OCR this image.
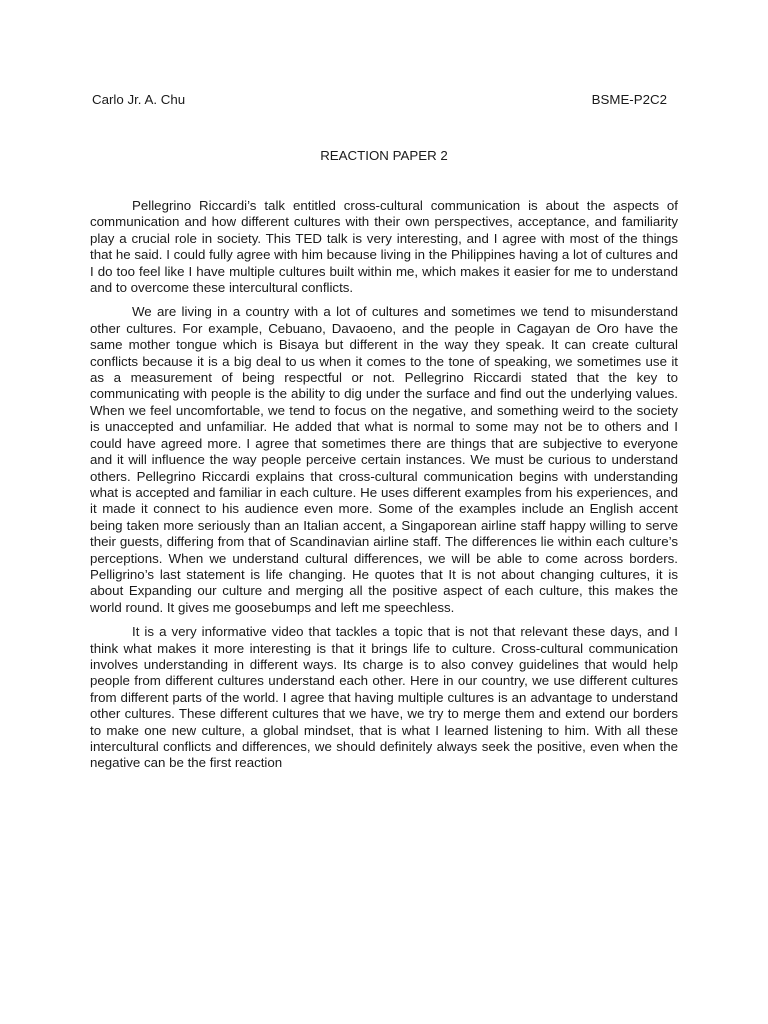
Carlo Jr. A. Chu	BSME-P2C2
REACTION PAPER 2

Pellegrino Riccardi’s talk entitled cross-cultural communication is about the aspects of communication and how different cultures with their own perspectives, acceptance, and familiarity play a crucial role in society. This TED talk is very interesting, and I agree with most of the things that he said. I could fully agree with him because living in the Philippines having a lot of cultures and I do too feel like I have multiple cultures built within me, which makes it easier for me to understand and to overcome these intercultural conflicts.

We are living in a country with a lot of cultures and sometimes we tend to misunderstand other cultures. For example, Cebuano, Davaoeno, and the people in Cagayan de Oro have the same mother tongue which is Bisaya but different in the way they speak. It can create cultural conflicts because it is a big deal to us when it comes to the tone of speaking, we sometimes use it as a measurement of being respectful or not. Pellegrino Riccardi stated that the key to communicating with people is the ability to dig under the surface and find out the underlying values. When we feel uncomfortable, we tend to focus on the negative, and something weird to the society is unaccepted and unfamiliar. He added that what is normal to some may not be to others and I could have agreed more. I agree that sometimes there are things that are subjective to everyone and it will influence the way people perceive certain instances. We must be curious to understand others. Pellegrino Riccardi explains that cross-cultural communication begins with understanding what is accepted and familiar in each culture. He uses different examples from his experiences, and it made it connect to his audience even more. Some of the examples include an English accent being taken more seriously than an Italian accent, a Singaporean airline staff happy willing to serve their guests, differing from that of Scandinavian airline staff. The differences lie within each culture’s perceptions. When we understand cultural differences, we will be able to come across borders. Pelligrino’s last statement is life changing. He quotes that It is not about changing cultures, it is about Expanding our culture and merging all the positive aspect of each culture, this makes the world round. It gives me goosebumps and left me speechless.

It is a very informative video that tackles a topic that is not that relevant these days, and I think what makes it more interesting is that it brings life to culture. Cross-cultural communication involves understanding in different ways. Its charge is to also convey guidelines that would help people from different cultures understand each other. Here in our country, we use different cultures from different parts of the world. I agree that having multiple cultures is an advantage to understand other cultures. These different cultures that we have, we try to merge them and extend our borders to make one new culture, a global mindset, that is what I learned listening to him. With all these intercultural conflicts and differences, we should definitely always seek the positive, even when the negative can be the first reaction
